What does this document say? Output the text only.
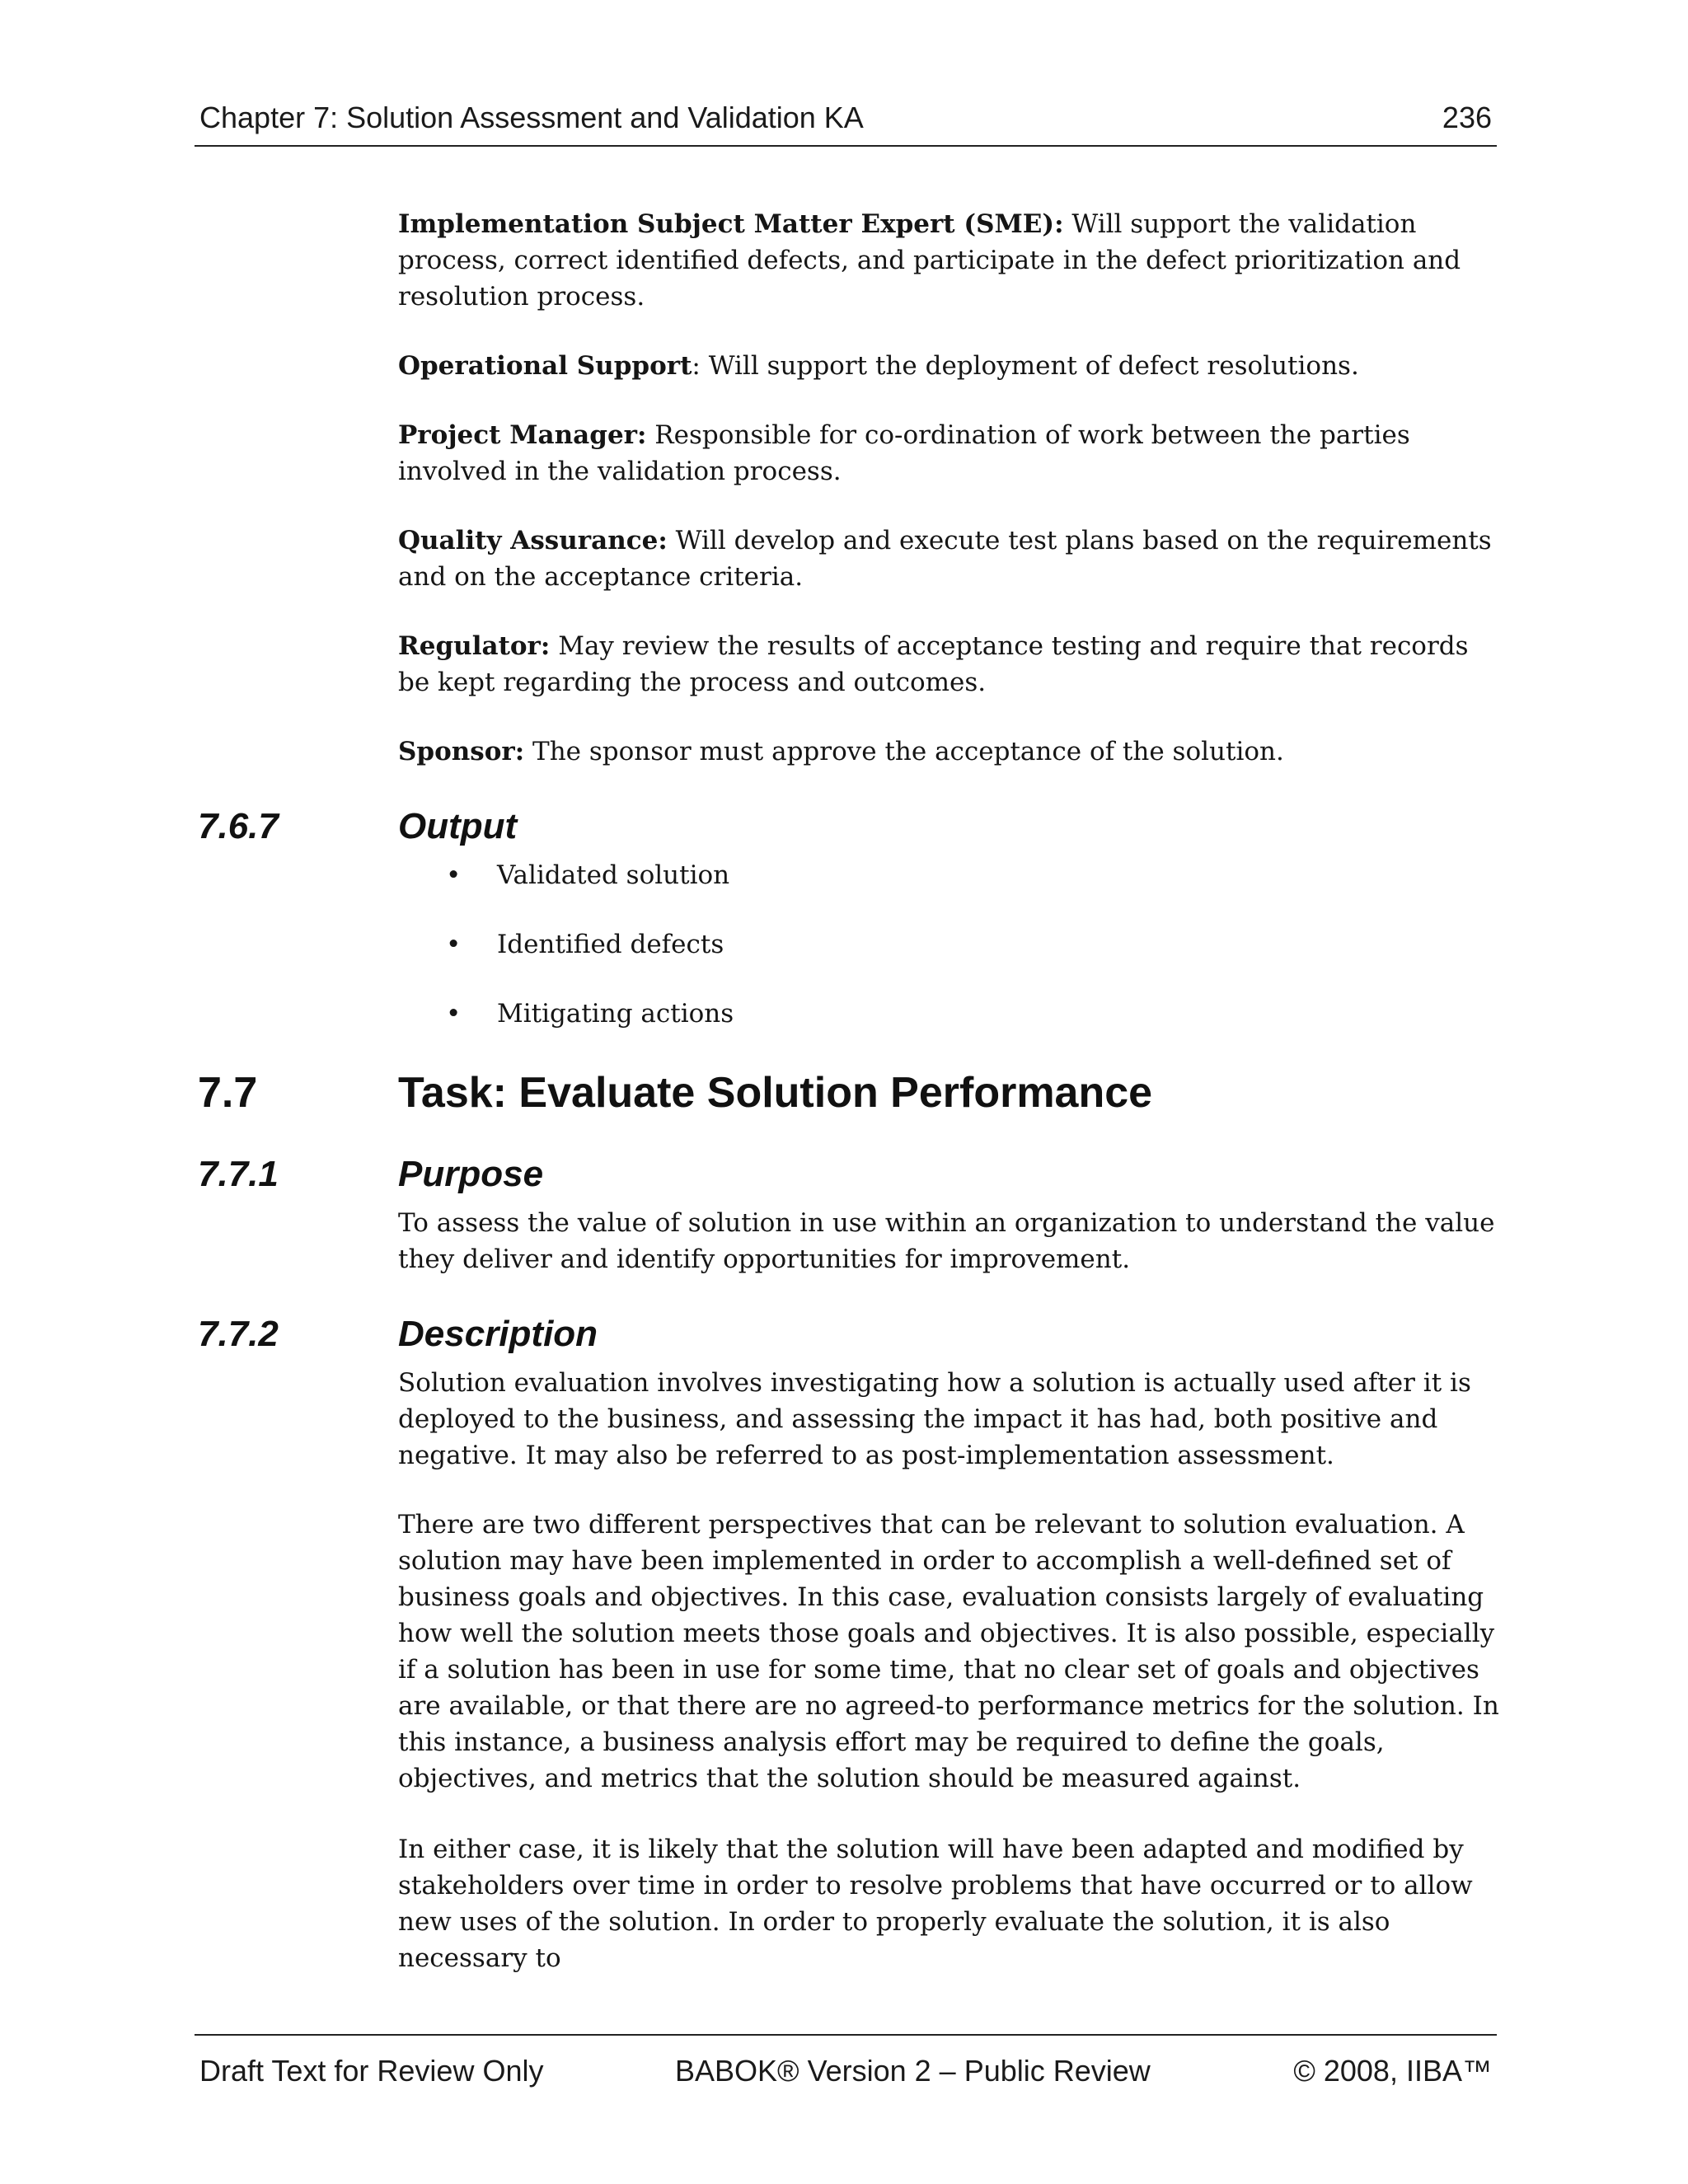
Chapter 7: Solution Assessment and Validation KA	236

Implementation Subject Matter Expert (SME): Will support the validation process, correct identified defects, and participate in the defect prioritization and resolution process.

Operational Support: Will support the deployment of defect resolutions.

Project Manager: Responsible for co-ordination of work between the parties involved in the validation process.

Quality Assurance: Will develop and execute test plans based on the requirements and on the acceptance criteria.

Regulator: May review the results of acceptance testing and require that records be kept regarding the process and outcomes.

Sponsor: The sponsor must approve the acceptance of the solution.

7.6.7	Output
• Validated solution
• Identified defects
• Mitigating actions
7.7	Task: Evaluate Solution Performance
7.7.1	Purpose

To assess the value of solution in use within an organization to understand the value they deliver and identify opportunities for improvement.

7.7.2	Description

Solution evaluation involves investigating how a solution is actually used after it is deployed to the business, and assessing the impact it has had, both positive and negative. It may also be referred to as post-implementation assessment.

There are two different perspectives that can be relevant to solution evaluation. A solution may have been implemented in order to accomplish a well-defined set of business goals and objectives. In this case, evaluation consists largely of evaluating how well the solution meets those goals and objectives. It is also possible, especially if a solution has been in use for some time, that no clear set of goals and objectives are available, or that there are no agreed-to performance metrics for the solution. In this instance, a business analysis effort may be required to define the goals, objectives, and metrics that the solution should be measured against.

In either case, it is likely that the solution will have been adapted and modified by stakeholders over time in order to resolve problems that have occurred or to allow new uses of the solution. In order to properly evaluate the solution, it is also necessary to

Draft Text for Review Only	BABOK® Version 2 – Public Review	© 2008, IIBA™
